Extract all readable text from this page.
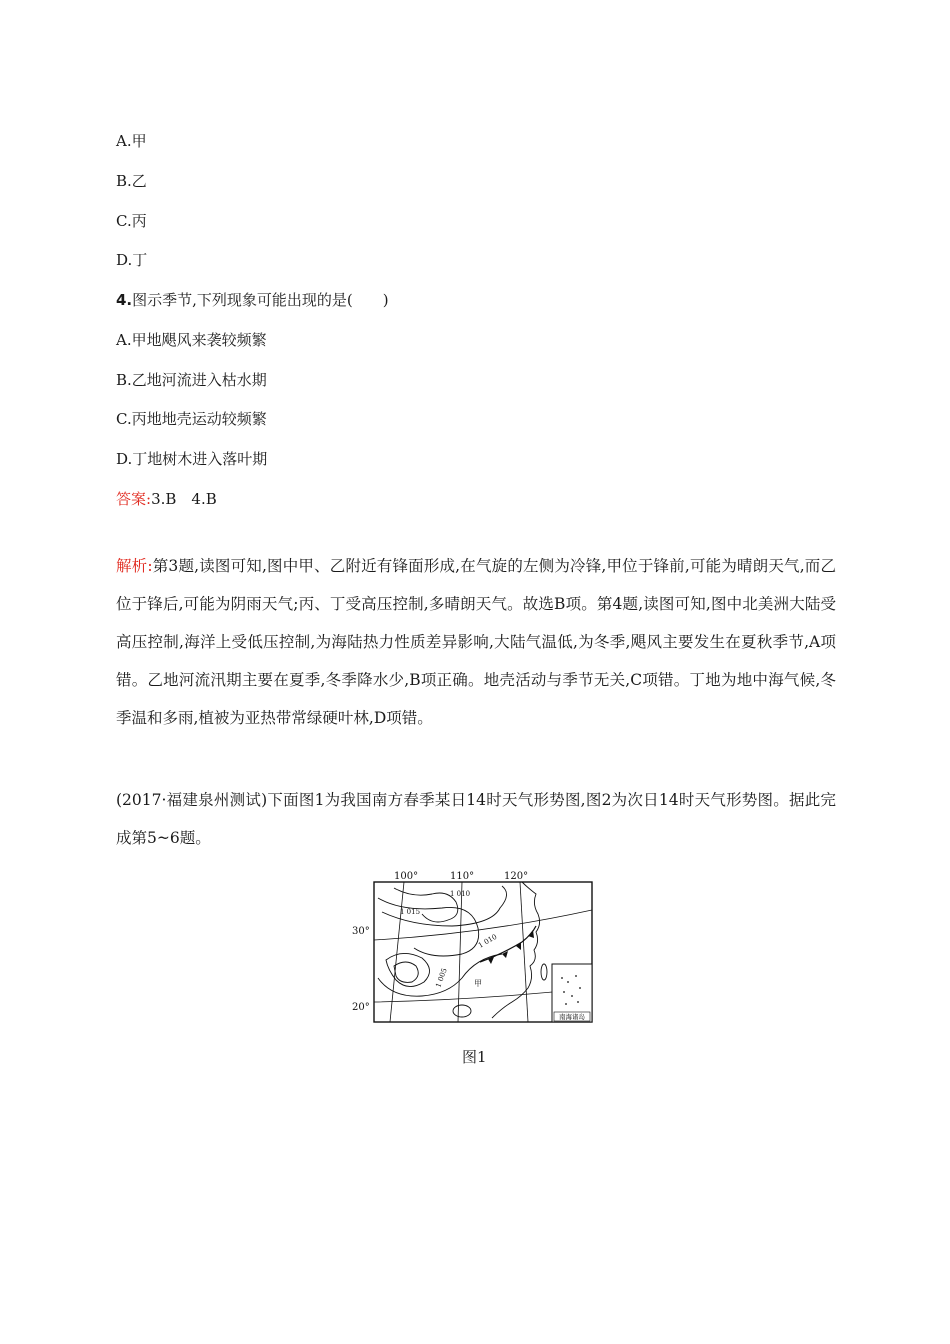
A.甲
B.乙
C.丙
D.丁
4.图示季节,下列现象可能出现的是(　　)
A.甲地飓风来袭较频繁
B.乙地河流进入枯水期
C.丙地地壳运动较频繁
D.丁地树木进入落叶期
答案:3.B　4.B
解析:第3题,读图可知,图中甲、乙附近有锋面形成,在气旋的左侧为冷锋,甲位于锋前,可能为晴朗天气,而乙位于锋后,可能为阴雨天气;丙、丁受高压控制,多晴朗天气。故选B项。第4题,读图可知,图中北美洲大陆受高压控制,海洋上受低压控制,为海陆热力性质差异影响,大陆气温低,为冬季,飓风主要发生在夏秋季节,A项错。乙地河流汛期主要在夏季,冬季降水少,B项正确。地壳活动与季节无关,C项错。丁地为地中海气候,冬季温和多雨,植被为亚热带常绿硬叶林,D项错。
(2017·福建泉州测试)下面图1为我国南方春季某日14时天气形势图,图2为次日14时天气形势图。据此完成第5~6题。
南海诸岛
100°	110°	120°
30°
20°
1 010
1 015
1 010
1 005	甲
图1
